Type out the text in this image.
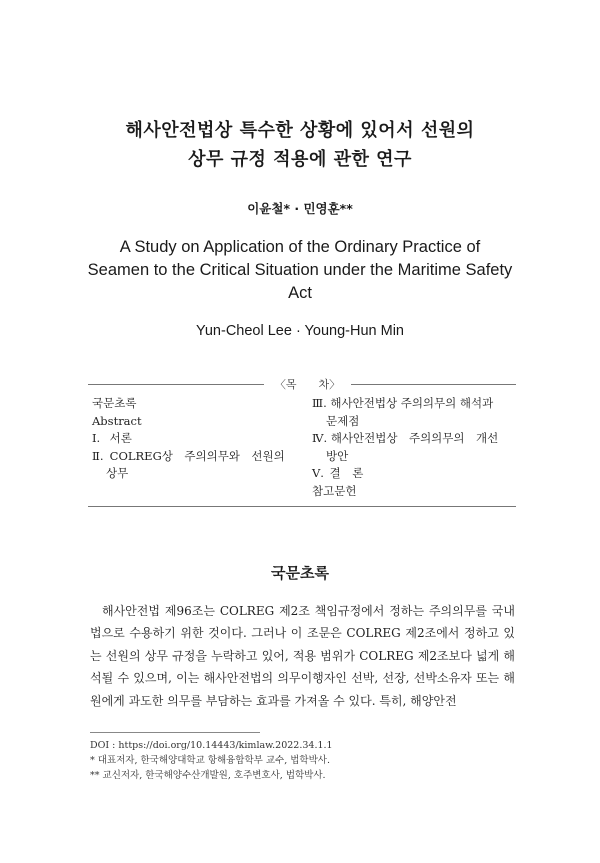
해사안전법상 특수한 상황에 있어서 선원의
상무 규정 적용에 관한 연구
이윤철* · 민영훈**
A Study on Application of the Ordinary Practice of
Seamen to the Critical Situation under the Maritime Safety
Act
Yun-Cheol Lee · Young-Hun Min
〈목　　차〉
국문초록
Abstract
Ⅰ. 서론
Ⅱ. COLREG상　주의의무와　선원의
상무
Ⅲ. 해사안전법상 주의의무의 해석과
문제점
Ⅳ. 해사안전법상　주의의무의　개선
방안
Ⅴ. 결　론
참고문헌
국문초록
해사안전법 제96조는 COLREG 제2조 책임규정에서 정하는 주의의무를 국내법으로 수용하기 위한 것이다. 그러나 이 조문은 COLREG 제2조에서 정하고 있는 선원의 상무 규정을 누락하고 있어, 적용 범위가 COLREG 제2조보다 넓게 해석될 수 있으며, 이는 해사안전법의 의무이행자인 선박, 선장, 선박소유자 또는 해원에게 과도한 의무를 부담하는 효과를 가져올 수 있다. 특히, 해양안전
DOI : https://doi.org/10.14443/kimlaw.2022.34.1.1
* 대표저자, 한국해양대학교 항해융합학부 교수, 법학박사.
** 교신저자, 한국해양수산개발원, 호주변호사, 법학박사.
